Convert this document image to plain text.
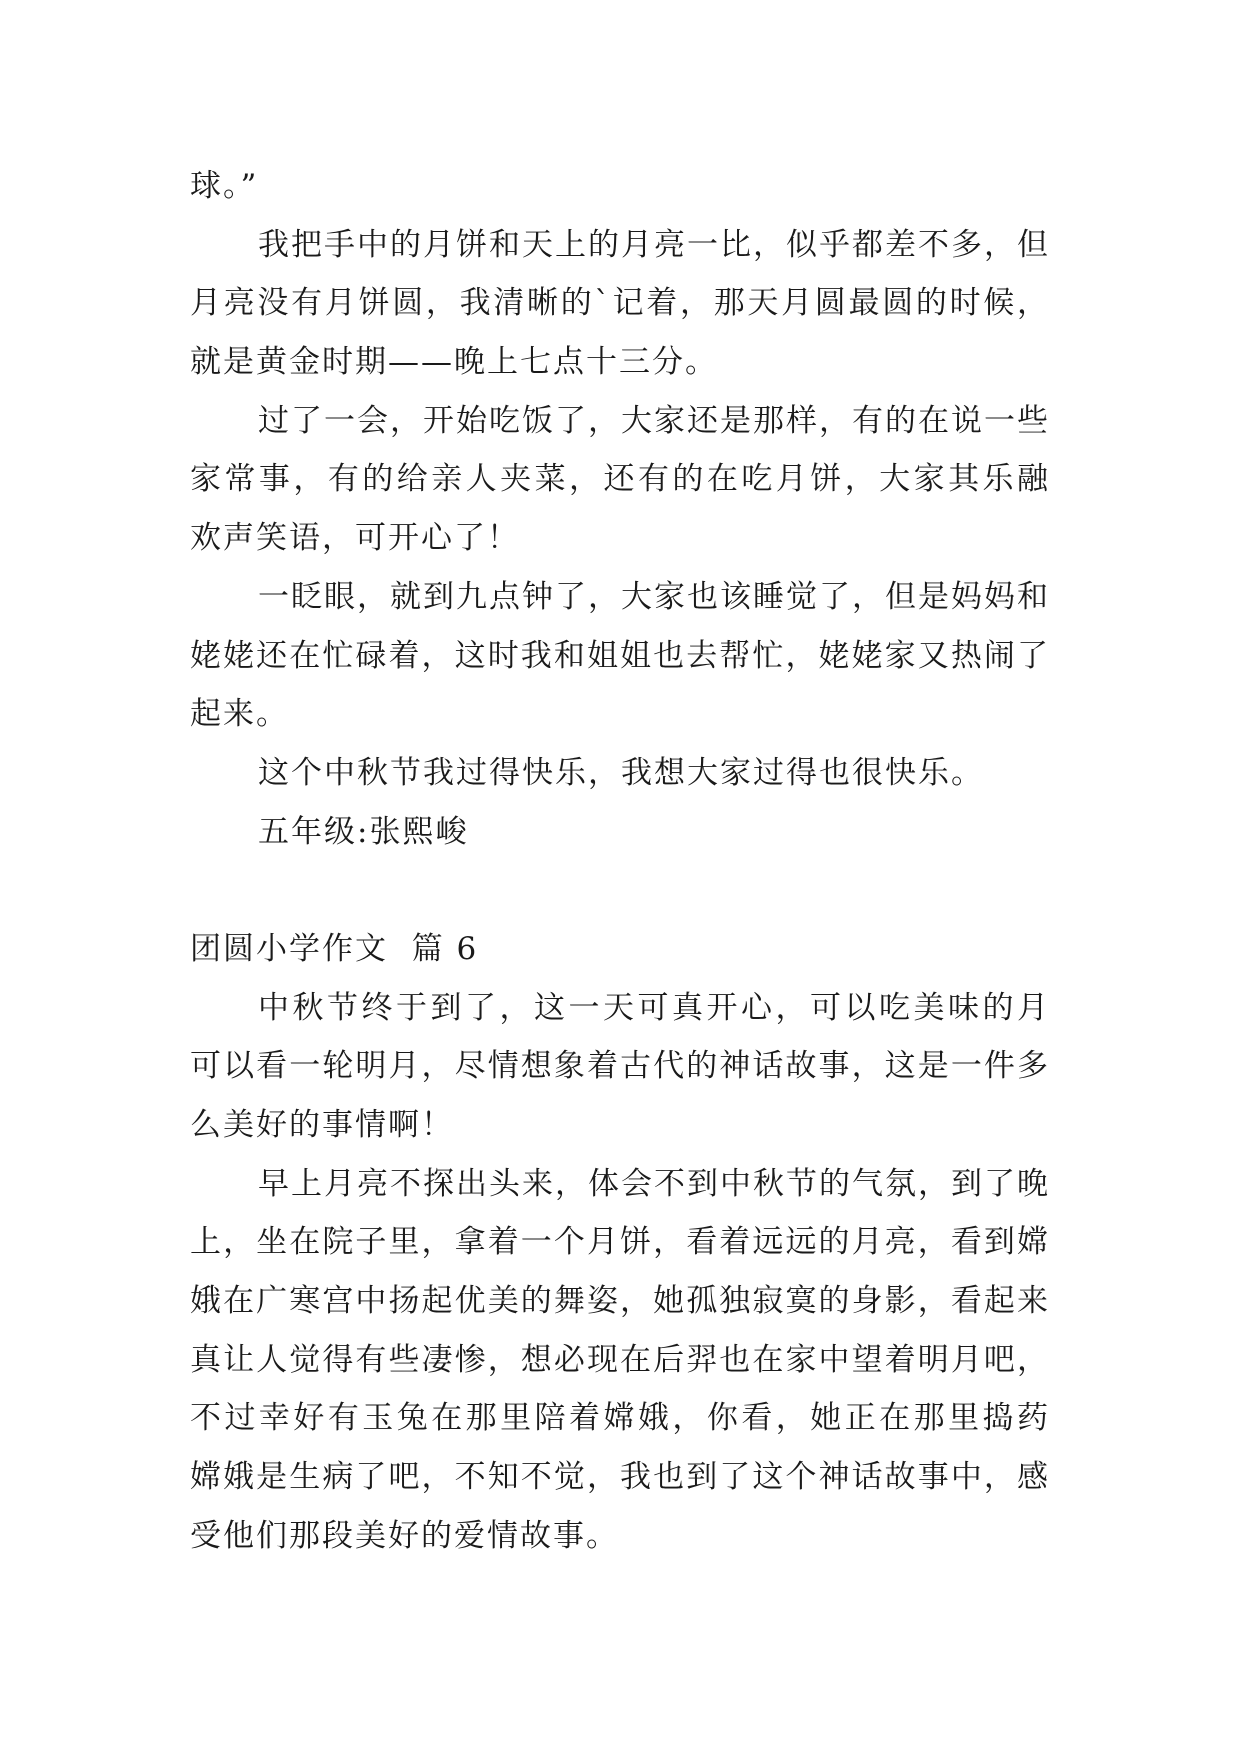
球。”
我把手中的月饼和天上的月亮一比，似乎都差不多，但
月亮没有月饼圆，我清晰的`记着，那天月圆最圆的时候，
就是黄金时期——晚上七点十三分。
过了一会，开始吃饭了，大家还是那样，有的在说一些
家常事，有的给亲人夹菜，还有的在吃月饼，大家其乐融
欢声笑语，可开心了！
一眨眼，就到九点钟了，大家也该睡觉了，但是妈妈和
姥姥还在忙碌着，这时我和姐姐也去帮忙，姥姥家又热闹了
起来。
这个中秋节我过得快乐，我想大家过得也很快乐。
五年级:张熙峻
团圆小学作文  篇 6
中秋节终于到了，这一天可真开心，可以吃美味的月
可以看一轮明月，尽情想象着古代的神话故事，这是一件多
么美好的事情啊！
早上月亮不探出头来，体会不到中秋节的气氛，到了晚
上，坐在院子里，拿着一个月饼，看着远远的月亮，看到嫦
娥在广寒宫中扬起优美的舞姿，她孤独寂寞的身影，看起来
真让人觉得有些凄惨，想必现在后羿也在家中望着明月吧，
不过幸好有玉兔在那里陪着嫦娥，你看，她正在那里捣药
嫦娥是生病了吧，不知不觉，我也到了这个神话故事中，感
受他们那段美好的爱情故事。
